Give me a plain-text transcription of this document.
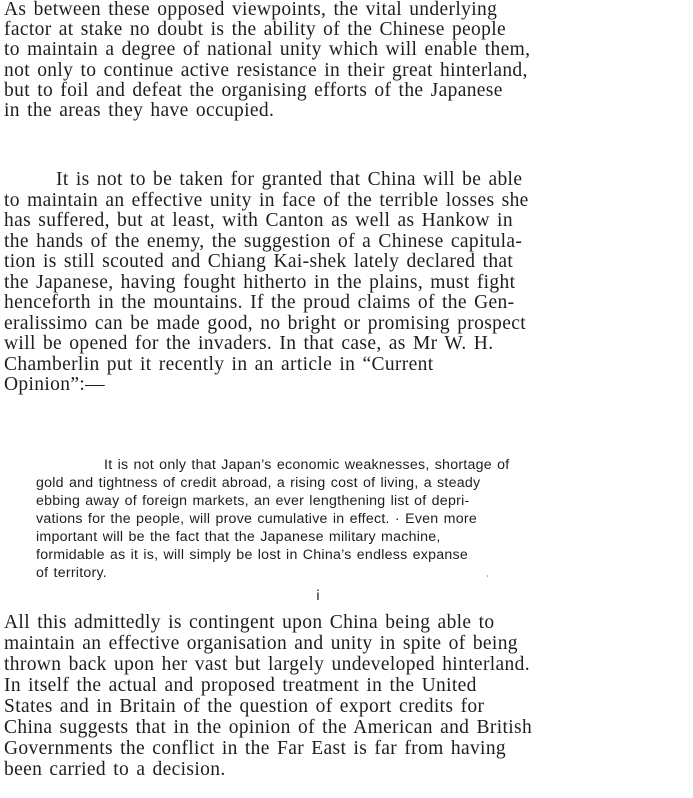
As between these opposed viewpoints, the vital underlying

factor at stake no doubt is the ability of the Chinese people

to maintain a degree of national unity which will enable them,

not only to continue active resistance in their great hinterland,

but to foil and defeat the organising efforts of the Japanese

in the areas they have occupied.

It is not to be taken for granted that China will be able

to maintain an effective unity in face of the terrible losses she

has suffered, but at least, with Canton as well as Hankow in

the hands of the enemy, the suggestion of a Chinese capitula-

tion is still scouted and Chiang Kai-shek lately declared that

the Japanese, having fought hitherto in the plains, must fight

henceforth in the mountains. If the proud claims of the Gen-

eralissimo can be made good, no bright or promising prospect

will be opened for the invaders. In that case, as Mr W. H.

Chamberlin put it recently in an article in “Current

Opinion”:—

It is not only that Japan’s economic weaknesses, shortage of

gold and tightness of credit abroad, a rising cost of living, a steady

ebbing away of foreign markets, an ever lengthening list of depri-

vations for the people, will prove cumulative in effect. · Even more

important will be the fact that the Japanese military machine,

formidable as it is, will simply be lost in China’s endless expanse

of territory.

ⅰ
·

All this admittedly is contingent upon China being able to

maintain an effective organisation and unity in spite of being

thrown back upon her vast but largely undeveloped hinterland.

In itself the actual and proposed treatment in the United

States and in Britain of the question of export credits for

China suggests that in the opinion of the American and British

Governments the conflict in the Far East is far from having

been carried to a decision.
